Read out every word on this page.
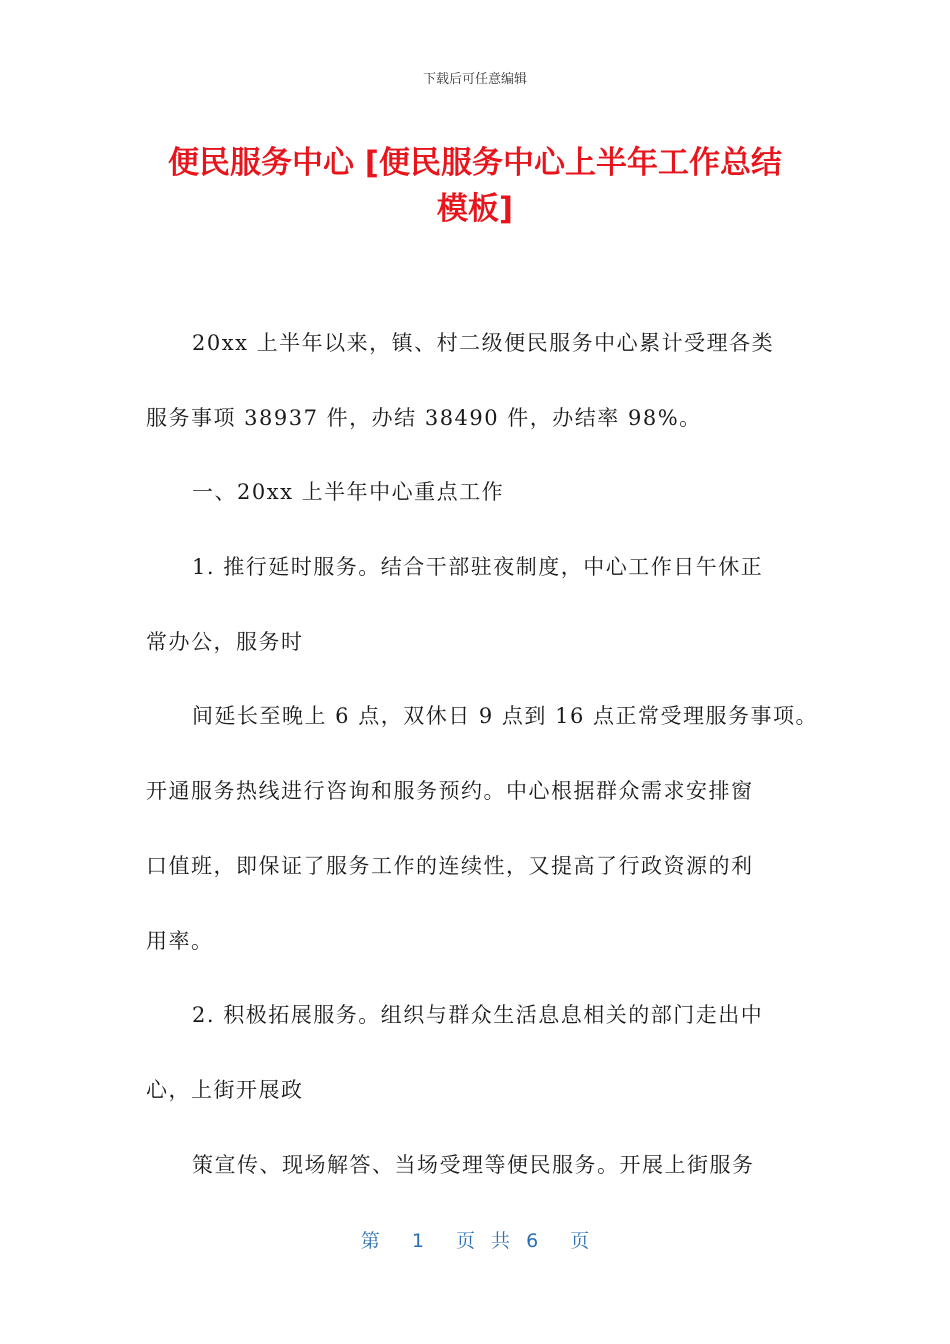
下载后可任意编辑
便民服务中心 [便民服务中心上半年工作总结
模板]

20xx 上半年以来，镇、村二级便民服务中心累计受理各类

服务事项 38937 件，办结 38490 件，办结率 98%。

一、20xx 上半年中心重点工作

1. 推行延时服务。结合干部驻夜制度，中心工作日午休正

常办公，服务时

间延长至晚上 6 点，双休日 9 点到 16 点正常受理服务事项。

开通服务热线进行咨询和服务预约。中心根据群众需求安排窗

口值班，即保证了服务工作的连续性，又提高了行政资源的利

用率。

2. 积极拓展服务。组织与群众生活息息相关的部门走出中

心，上街开展政

策宣传、现场解答、当场受理等便民服务。开展上街服务

第  1  页 共 6  页
